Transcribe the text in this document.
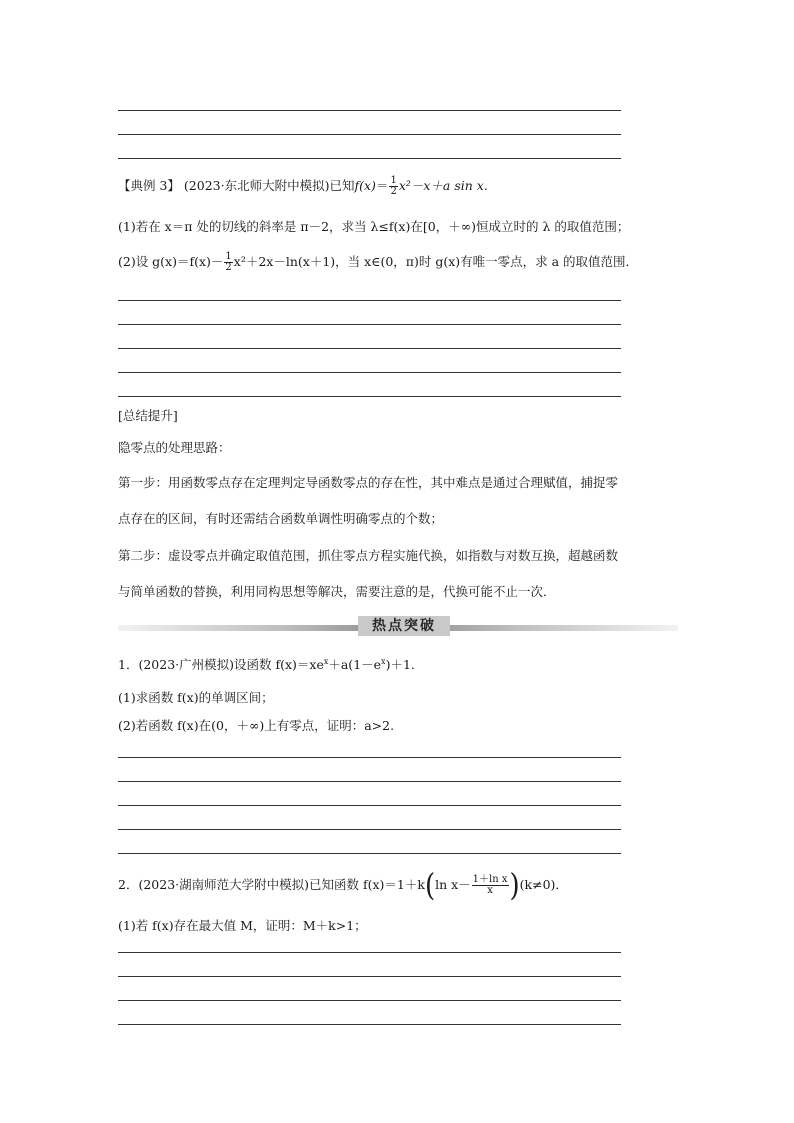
【典例 3】 (2023·东北师大附中模拟)已知$f(x)= \frac{1}{2} x^2-x+a$ sin x.
(1)若在 x＝π 处的切线的斜率是 π－2，求当 λ≤f(x)在[0，＋∞)恒成立时的 λ 的取值范围；
(2)设 $g(x)=f(x)- \frac{1}{2} x^2+2x-\ln(x+1)$，当 x∈(0，π)时 g(x)有唯一零点，求 a 的取值范围．
[总结提升]
隐零点的处理思路：
第一步：用函数零点存在定理判定导函数零点的存在性，其中难点是通过合理赋值，捕捉零
点存在的区间，有时还需结合函数单调性明确零点的个数；
第二步：虚设零点并确定取值范围，抓住零点方程实施代换，如指数与对数互换，超越函数
与简单函数的替换，利用同构思想等解决，需要注意的是，代换可能不止一次．
热点突破
1．(2023·广州模拟)设函数 $f(x)=xe^x+a(1-e^x)+1$.
(1)求函数 f(x)的单调区间；
(2)若函数 f(x)在(0，＋∞)上有零点，证明：a>2.
2．(2023·湖南师范大学附中模拟)已知函数 f(x)＝1＋k(ln $x- \frac{\text{1＋ln x}}{x} )(k\ne 0)$．
(1)若 f(x)存在最大值 M，证明：M＋k>1；
